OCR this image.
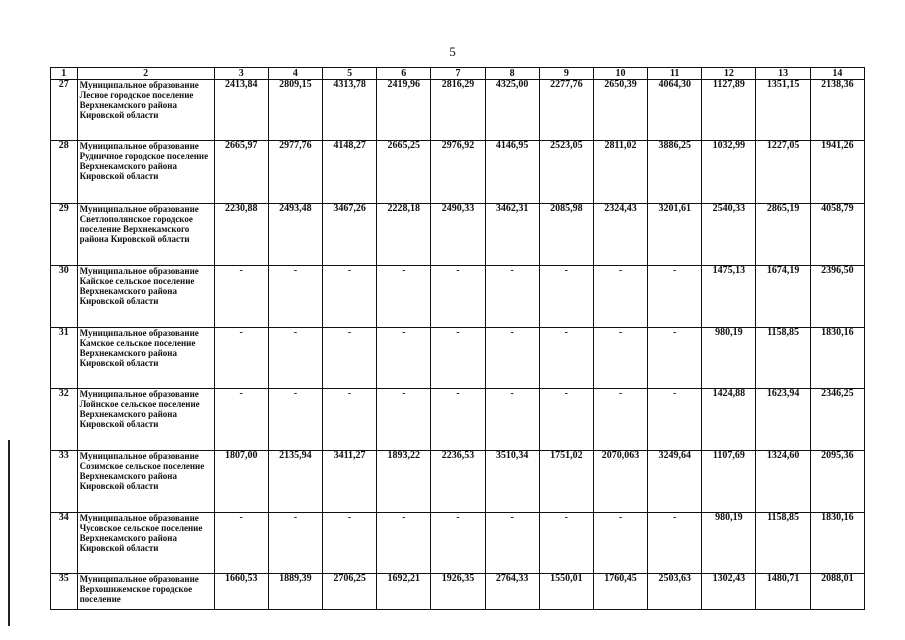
5
1	2	3	4	5	6	7	8	9	10	11	12	13	14
27	Муниципальное образование Лесное городское поселение Верхнекамского района Кировской области	2413,84	2809,15	4313,78	2419,96	2816,29	4325,00	2277,76	2650,39	4064,30	1127,89	1351,15	2138,36
28	Муниципальное образование Рудничное городское поселение Верхнекамского района Кировской области	2665,97	2977,76	4148,27	2665,25	2976,92	4146,95	2523,05	2811,02	3886,25	1032,99	1227,05	1941,26
29	Муниципальное образование Светлополянское городское поселение Верхнекамского района Кировской области	2230,88	2493,48	3467,26	2228,18	2490,33	3462,31	2085,98	2324,43	3201,61	2540,33	2865,19	4058,79
30	Муниципальное образование Кайское сельское поселение Верхнекамского района Кировской области	-	-	-	-	-	-	-	-	-	1475,13	1674,19	2396,50
31	Муниципальное образование Камское сельское поселение Верхнекамского района Кировской области	-	-	-	-	-	-	-	-	-	980,19	1158,85	1830,16
32	Муниципальное образование Лойнское сельское поселение Верхнекамского района Кировской области	-	-	-	-	-	-	-	-	-	1424,88	1623,94	2346,25
33	Муниципальное образование Созимское сельское поселение Верхнекамского района Кировской области	1807,00	2135,94	3411,27	1893,22	2236,53	3510,34	1751,02	2070,063	3249,64	1107,69	1324,60	2095,36
34	Муниципальное образование Чусовское сельское поселение Верхнекамского района Кировской области	-	-	-	-	-	-	-	-	-	980,19	1158,85	1830,16
35	Муниципальное образование Верхошижемское городское поселение	1660,53	1889,39	2706,25	1692,21	1926,35	2764,33	1550,01	1760,45	2503,63	1302,43	1480,71	2088,01
